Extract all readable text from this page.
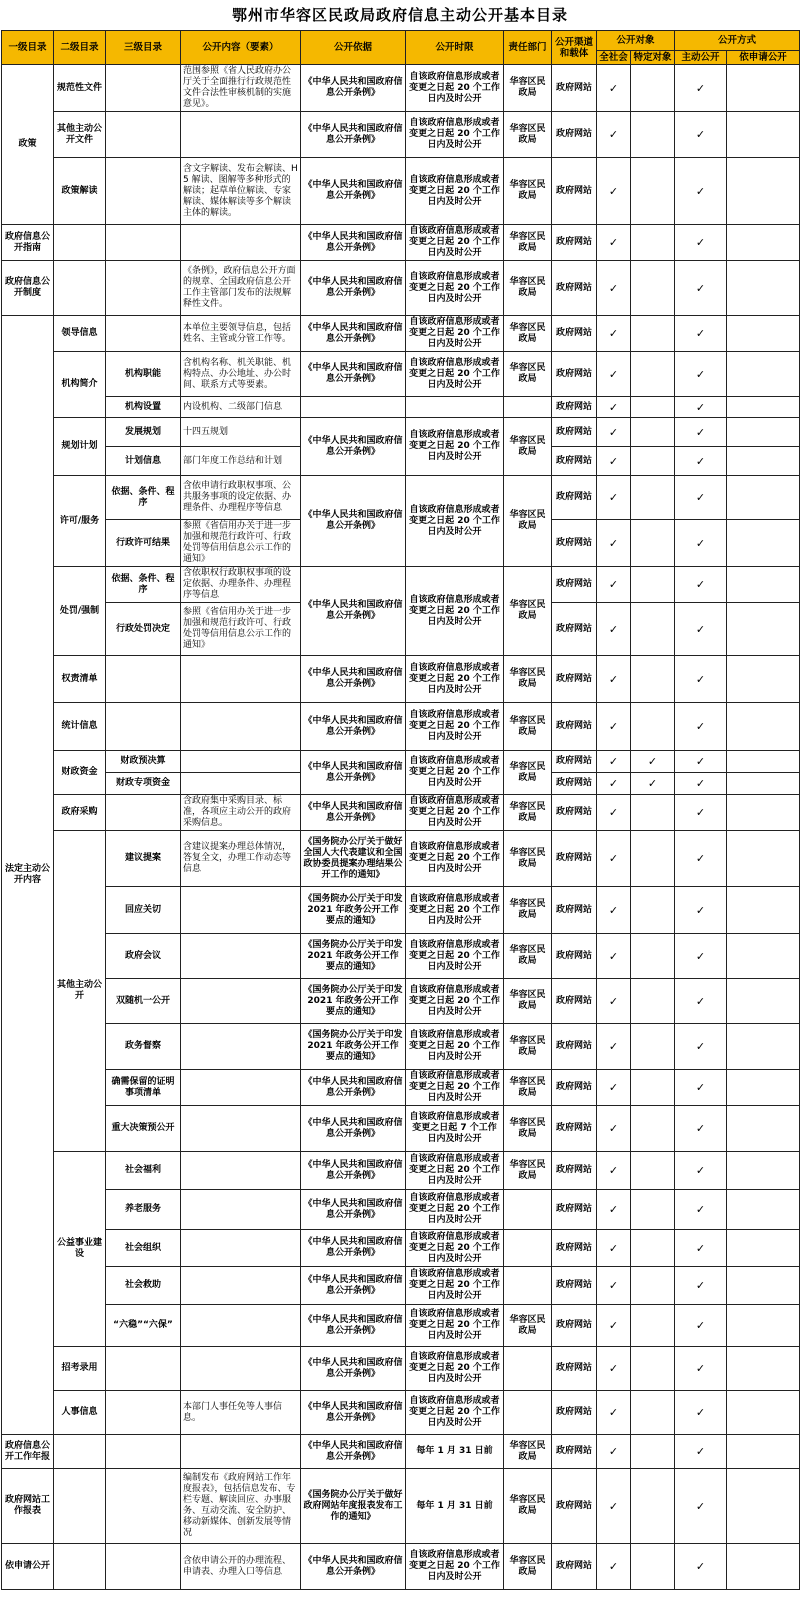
鄂州市华容区民政局政府信息主动公开基本目录
一级目录	二级目录	三级目录	公开内容（要素）	公开依据	公开时限	责任部门	公开渠道和载体	公开对象		公开方式	
								全社会	特定对象	主动公开	依申请公开
政策	规范性文件		范围参照《省人民政府办公厅关于全面推行行政规范性文件合法性审核机制的实施意见》。	《中华人民共和国政府信息公开条例》	自该政府信息形成或者变更之日起 20 个工作日内及时公开	华容区民政局	政府网站	✓		✓	
	其他主动公开文件			《中华人民共和国政府信息公开条例》	自该政府信息形成或者变更之日起 20 个工作日内及时公开	华容区民政局	政府网站	✓		✓	
	政策解读		含文字解读、发布会解读、H5 解读、图解等多种形式的解读；起草单位解读、专家解读、媒体解读等多个解读主体的解读。	《中华人民共和国政府信息公开条例》	自该政府信息形成或者变更之日起 20 个工作日内及时公开	华容区民政局	政府网站	✓		✓	
政府信息公开指南				《中华人民共和国政府信息公开条例》	自该政府信息形成或者变更之日起 20 个工作日内及时公开	华容区民政局	政府网站	✓		✓	
政府信息公开制度			《条例》，政府信息公开方面的规章、全国政府信息公开工作主管部门发布的法规解释性文件。	《中华人民共和国政府信息公开条例》	自该政府信息形成或者变更之日起 20 个工作日内及时公开	华容区民政局	政府网站	✓		✓	
法定主动公开内容	领导信息		本单位主要领导信息，包括姓名、主管或分管工作等。	《中华人民共和国政府信息公开条例》	自该政府信息形成或者变更之日起 20 个工作日内及时公开	华容区民政局	政府网站	✓		✓	
	机构简介	机构职能	含机构名称、机关职能、机构特点、办公地址、办公时间、联系方式等要素。	《中华人民共和国政府信息公开条例》	自该政府信息形成或者变更之日起 20 个工作日内及时公开	华容区民政局	政府网站	✓		✓	
		机构设置	内设机构、二级部门信息				政府网站	✓		✓	
	规划计划	发展规划	十四五规划	《中华人民共和国政府信息公开条例》	自该政府信息形成或者变更之日起 20 个工作日内及时公开	华容区民政局	政府网站	✓		✓	
		计划信息	部门年度工作总结和计划				政府网站	✓		✓	
	许可/服务	依据、条件、程序	含依申请行政职权事项、公共服务事项的设定依据、办理条件、办理程序等信息	《中华人民共和国政府信息公开条例》	自该政府信息形成或者变更之日起 20 个工作日内及时公开	华容区民政局	政府网站	✓		✓	
		行政许可结果	参照《省信用办关于进一步加强和规范行政许可、行政处罚等信用信息公示工作的通知》				政府网站	✓		✓	
	处罚/强制	依据、条件、程序	含依职权行政职权事项的设定依据、办理条件、办理程序等信息	《中华人民共和国政府信息公开条例》	自该政府信息形成或者变更之日起 20 个工作日内及时公开	华容区民政局	政府网站	✓		✓	
		行政处罚决定	参照《省信用办关于进一步加强和规范行政许可、行政处罚等信用信息公示工作的通知》				政府网站	✓		✓	
	权责清单			《中华人民共和国政府信息公开条例》	自该政府信息形成或者变更之日起 20 个工作日内及时公开	华容区民政局	政府网站	✓		✓	
	统计信息			《中华人民共和国政府信息公开条例》	自该政府信息形成或者变更之日起 20 个工作日内及时公开	华容区民政局	政府网站	✓		✓	
	财政资金	财政预决算		《中华人民共和国政府信息公开条例》	自该政府信息形成或者变更之日起 20 个工作日内及时公开	华容区民政局	政府网站	✓	✓	✓	
		财政专项资金					政府网站	✓	✓	✓	
	政府采购		含政府集中采购目录、标准，各项应主动公开的政府采购信息。	《中华人民共和国政府信息公开条例》	自该政府信息形成或者变更之日起 20 个工作日内及时公开	华容区民政局	政府网站	✓		✓	
	其他主动公开	建议提案	含建议提案办理总体情况，答复全文，办理工作动态等信息	《国务院办公厅关于做好全国人大代表建议和全国政协委员提案办理结果公开工作的通知》	自该政府信息形成或者变更之日起 20 个工作日内及时公开	华容区民政局	政府网站	✓		✓	
		回应关切		《国务院办公厅关于印发 2021 年政务公开工作要点的通知》	自该政府信息形成或者变更之日起 20 个工作日内及时公开	华容区民政局	政府网站	✓		✓	
		政府会议		《国务院办公厅关于印发 2021 年政务公开工作要点的通知》	自该政府信息形成或者变更之日起 20 个工作日内及时公开	华容区民政局	政府网站	✓		✓	
		双随机一公开		《国务院办公厅关于印发 2021 年政务公开工作要点的通知》	自该政府信息形成或者变更之日起 20 个工作日内及时公开	华容区民政局	政府网站	✓		✓	
		政务督察		《国务院办公厅关于印发 2021 年政务公开工作要点的通知》	自该政府信息形成或者变更之日起 20 个工作日内及时公开	华容区民政局	政府网站	✓		✓	
		确需保留的证明事项清单		《中华人民共和国政府信息公开条例》	自该政府信息形成或者变更之日起 20 个工作日内及时公开	华容区民政局	政府网站	✓		✓	
		重大决策预公开		《中华人民共和国政府信息公开条例》	自该政府信息形成或者变更之日起 7 个工作日内及时公开	华容区民政局	政府网站	✓		✓	
	公益事业建设	社会福利		《中华人民共和国政府信息公开条例》	自该政府信息形成或者变更之日起 20 个工作日内及时公开	华容区民政局	政府网站	✓		✓	
		养老服务		《中华人民共和国政府信息公开条例》	自该政府信息形成或者变更之日起 20 个工作日内及时公开		政府网站	✓		✓	
		社会组织		《中华人民共和国政府信息公开条例》	自该政府信息形成或者变更之日起 20 个工作日内及时公开		政府网站	✓		✓	
		社会救助		《中华人民共和国政府信息公开条例》	自该政府信息形成或者变更之日起 20 个工作日内及时公开		政府网站	✓		✓	
		“六稳”“六保”		《中华人民共和国政府信息公开条例》	自该政府信息形成或者变更之日起 20 个工作日内及时公开	华容区民政局	政府网站	✓		✓	
	招考录用			《中华人民共和国政府信息公开条例》	自该政府信息形成或者变更之日起 20 个工作日内及时公开		政府网站	✓		✓	
	人事信息		本部门人事任免等人事信息。	《中华人民共和国政府信息公开条例》	自该政府信息形成或者变更之日起 20 个工作日内及时公开		政府网站	✓		✓	
政府信息公开工作年报				《中华人民共和国政府信息公开条例》	每年 1 月 31 日前	华容区民政局	政府网站	✓		✓	
政府网站工作报表			编制发布《政府网站工作年度报表》，包括信息发布、专栏专题、解读回应、办事服务、互动交流、安全防护、移动新媒体、创新发展等情况	《国务院办公厅关于做好政府网站年度报表发布工作的通知》	每年 1 月 31 日前	华容区民政局	政府网站	✓		✓	
依申请公开			含依申请公开的办理流程、申请表、办理入口等信息	《中华人民共和国政府信息公开条例》	自该政府信息形成或者变更之日起 20 个工作日内及时公开	华容区民政局	政府网站	✓		✓	
